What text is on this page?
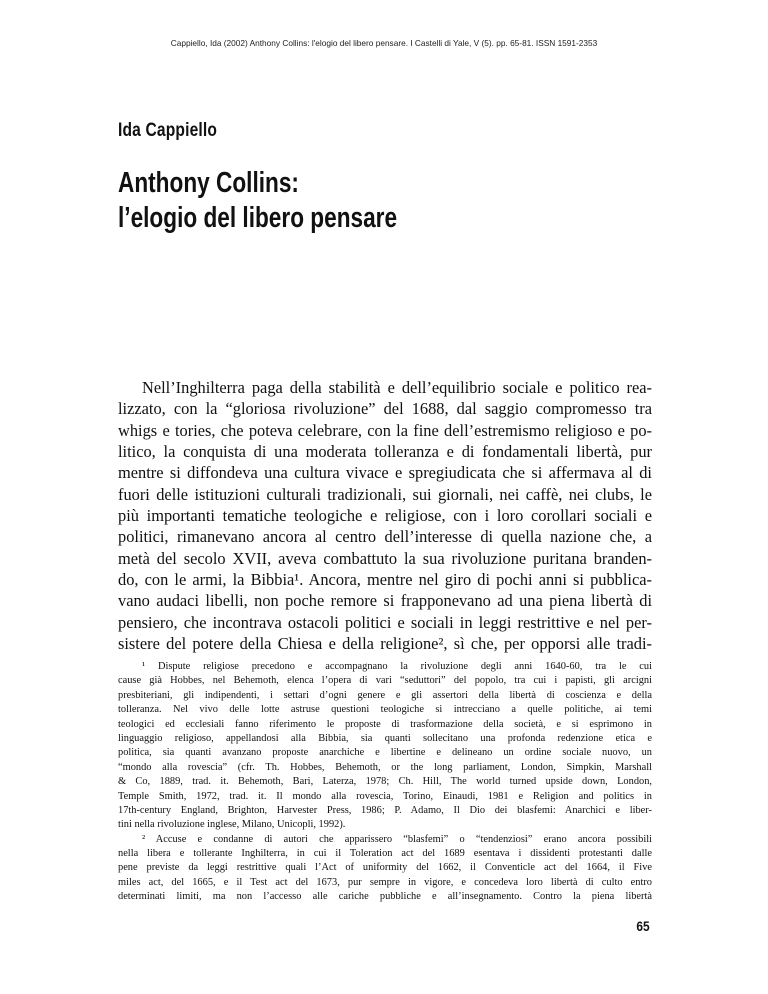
Cappiello, Ida (2002) Anthony Collins: l'elogio del libero pensare. I Castelli di Yale, V (5). pp. 65-81. ISSN 1591-2353
Ida Cappiello
Anthony Collins:
l’elogio del libero pensare
Nell’Inghilterra paga della stabilità e dell’equilibrio sociale e politico rea-
lizzato, con la “gloriosa rivoluzione” del 1688, dal saggio compromesso tra
whigs e tories, che poteva celebrare, con la fine dell’estremismo religioso e po-
litico, la conquista di una moderata tolleranza e di fondamentali libertà, pur
mentre si diffondeva una cultura vivace e spregiudicata che si affermava al di
fuori delle istituzioni culturali tradizionali, sui giornali, nei caffè, nei clubs, le
più importanti tematiche teologiche e religiose, con i loro corollari sociali e
politici, rimanevano ancora al centro dell’interesse di quella nazione che, a
metà del secolo XVII, aveva combattuto la sua rivoluzione puritana branden-
do, con le armi, la Bibbia¹. Ancora, mentre nel giro di pochi anni si pubblica-
vano audaci libelli, non poche remore si frapponevano ad una piena libertà di
pensiero, che incontrava ostacoli politici e sociali in leggi restrittive e nel per-
sistere del potere della Chiesa e della religione², sì che, per opporsi alle tradi-
¹ Dispute religiose precedono e accompagnano la rivoluzione degli anni 1640-60, tra le cui
cause già Hobbes, nel Behemoth, elenca l’opera di vari “seduttori” del popolo, tra cui i papisti, gli arcigni
presbiteriani, gli indipendenti, i settari d’ogni genere e gli assertori della libertà di coscienza e della
tolleranza. Nel vivo delle lotte astruse questioni teologiche si intrecciano a quelle politiche, ai temi
teologici ed ecclesiali fanno riferimento le proposte di trasformazione della società, e si esprimono in
linguaggio religioso, appellandosi alla Bibbia, sia quanti sollecitano una profonda redenzione etica e
politica, sia quanti avanzano proposte anarchiche e libertine e delineano un ordine sociale nuovo, un
“mondo alla rovescia” (cfr. Th. Hobbes, Behemoth, or the long parliament, London, Simpkin, Marshall
& Co, 1889, trad. it. Behemoth, Bari, Laterza, 1978; Ch. Hill, The world turned upside down, London,
Temple Smith, 1972, trad. it. Il mondo alla rovescia, Torino, Einaudi, 1981 e Religion and politics in
17th-century England, Brighton, Harvester Press, 1986; P. Adamo, Il Dio dei blasfemi: Anarchici e liber-
tini nella rivoluzione inglese, Milano, Unicopli, 1992).
² Accuse e condanne di autori che apparissero “blasfemi” o “tendenziosi” erano ancora possibili
nella libera e tollerante Inghilterra, in cui il Toleration act del 1689 esentava i dissidenti protestanti dalle
pene previste da leggi restrittive quali l’Act of uniformity del 1662, il Conventicle act del 1664, il Five
miles act, del 1665, e il Test act del 1673, pur sempre in vigore, e concedeva loro libertà di culto entro
determinati limiti, ma non l’accesso alle cariche pubbliche e all’insegnamento. Contro la piena libertà
65
